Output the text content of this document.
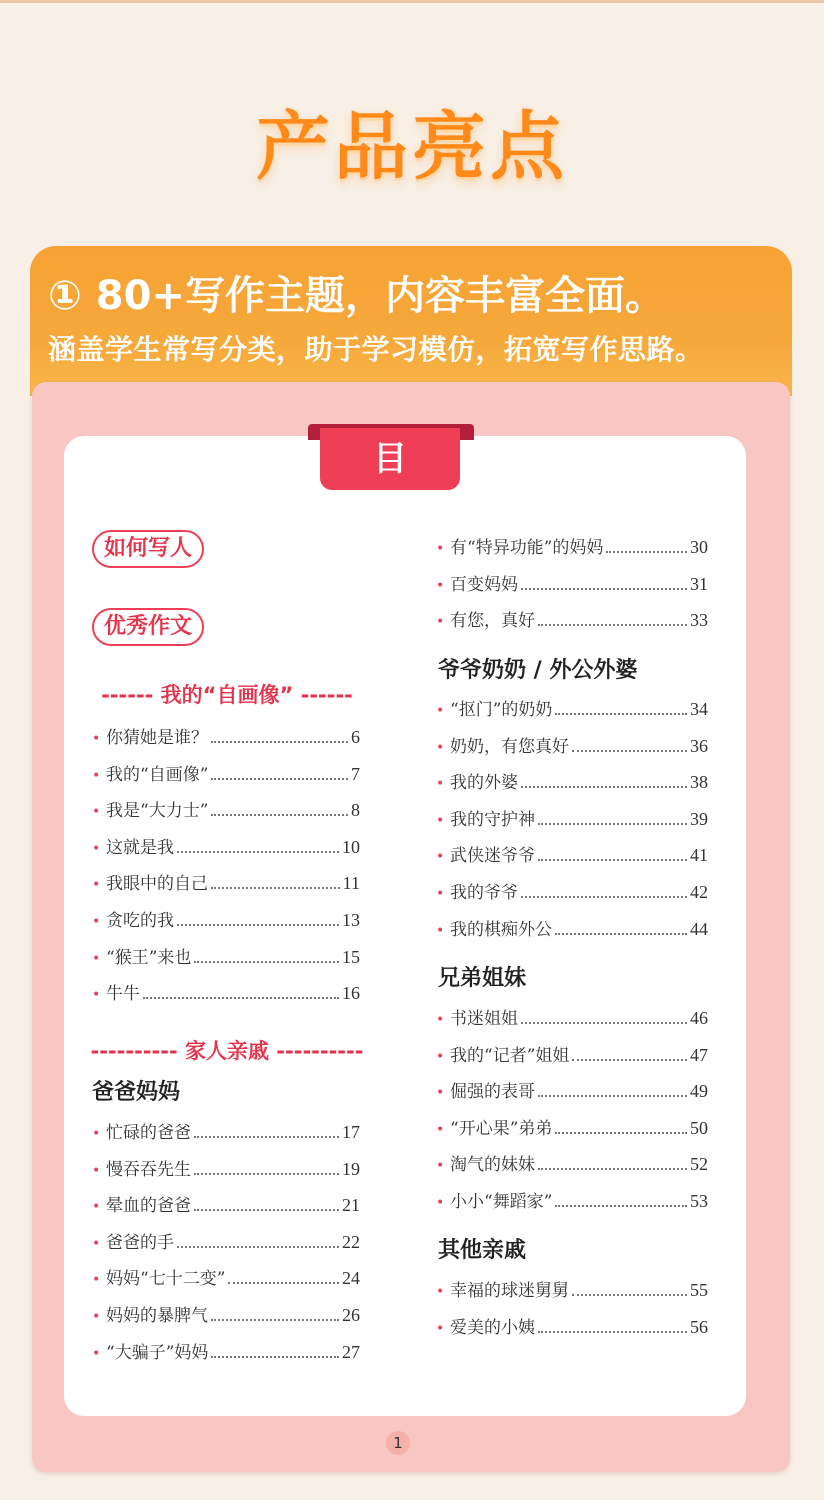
产品亮点
① 80+写作主题，内容丰富全面。
涵盖学生常写分类，助于学习模仿，拓宽写作思路。
目 录
如何写人
优秀作文
------ 我的“自画像” ------
• 你猜她是谁？	6
• 我的“自画像”	7
• 我是“大力士”	8
• 这就是我	10
• 我眼中的自己	11
• 贪吃的我	13
• “猴王”来也	15
• 牛牛	16
---------- 家人亲戚 ----------
爸爸妈妈
• 忙碌的爸爸	17
• 慢吞吞先生	19
• 晕血的爸爸	21
• 爸爸的手	22
• 妈妈“七十二变”	24
• 妈妈的暴脾气	26
• “大骗子”妈妈	27
• 有“特异功能”的妈妈	30
• 百变妈妈	31
• 有您，真好	33
爷爷奶奶 / 外公外婆
• “抠门”的奶奶	34
• 奶奶，有您真好	36
• 我的外婆	38
• 我的守护神	39
• 武侠迷爷爷	41
• 我的爷爷	42
• 我的棋痴外公	44
兄弟姐妹
• 书迷姐姐	46
• 我的“记者”姐姐	47
• 倔强的表哥	49
• “开心果”弟弟	50
• 淘气的妹妹	52
• 小小“舞蹈家”	53
其他亲戚
• 幸福的球迷舅舅	55
• 爱美的小姨	56
1
